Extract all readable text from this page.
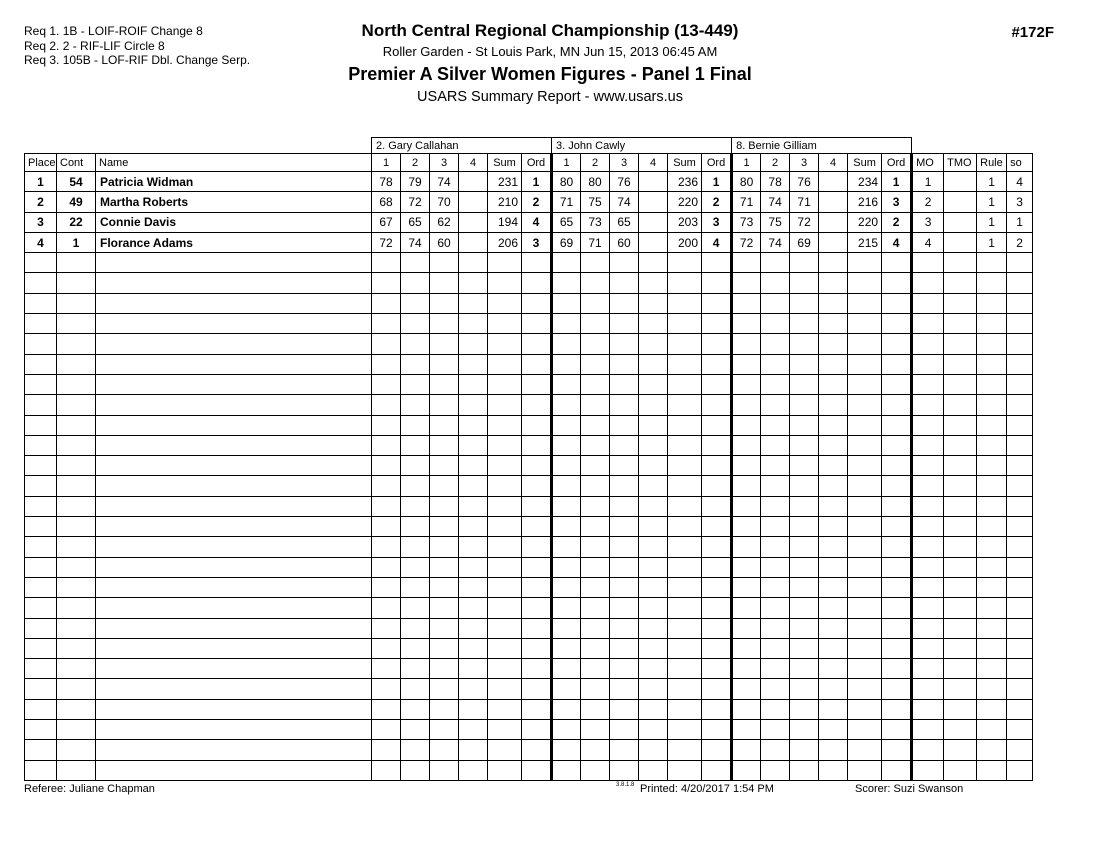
Req 1. 1B - LOIF-ROIF Change 8
Req 2. 2 - RIF-LIF Circle 8
Req 3. 105B - LOF-RIF Dbl. Change Serp.
North Central Regional Championship (13-449)
Roller Garden - St Louis Park, MN Jun 15, 2013 06:45 AM
Premier A Silver Women Figures - Panel 1 Final
USARS Summary Report - www.usars.us
#172F
			2. Gary Callahan						3. John Cawly						8. Bernie Gilliam									
Place	Cont	Name	1	2	3	4	Sum	Ord	1	2	3	4	Sum	Ord	1	2	3	4	Sum	Ord	MO	TMO	Rule	so
1	54	Patricia Widman	78	79	74		231	1	80	80	76		236	1	80	78	76		234	1	1		1	4
2	49	Martha Roberts	68	72	70		210	2	71	75	74		220	2	71	74	71		216	3	2		1	3
3	22	Connie Davis	67	65	62		194	4	65	73	65		203	3	73	75	72		220	2	3		1	1
4	1	Florance Adams	72	74	60		206	3	69	71	60		200	4	72	74	69		215	4	4		1	2

Referee: Juliane Chapman	3.8.1.8 Printed: 4/20/2017 1:54 PM	Scorer: Suzi Swanson
